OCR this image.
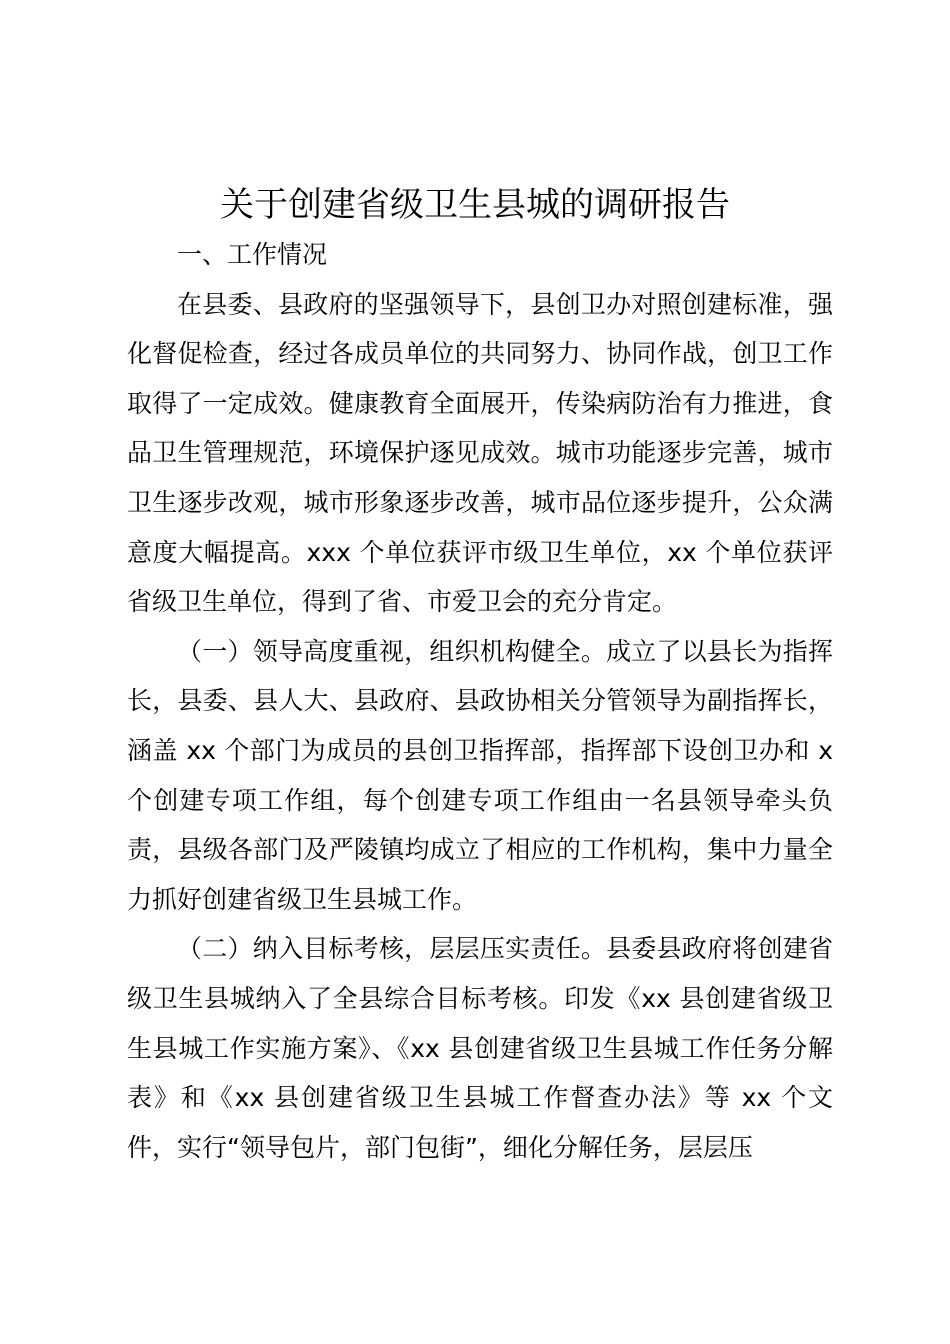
关于创建省级卫生县城的调研报告

一、工作情况

在县委、县政府的坚强领导下，县创卫办对照创建标准，强化督促检查，经过各成员单位的共同努力、协同作战，创卫工作取得了一定成效。健康教育全面展开，传染病防治有力推进，食品卫生管理规范，环境保护逐见成效。城市功能逐步完善，城市卫生逐步改观，城市形象逐步改善，城市品位逐步提升，公众满意度大幅提高。xxx 个单位获评市级卫生单位，xx 个单位获评省级卫生单位，得到了省、市爱卫会的充分肯定。

（一）领导高度重视，组织机构健全。成立了以县长为指挥长，县委、县人大、县政府、县政协相关分管领导为副指挥长，涵盖 xx 个部门为成员的县创卫指挥部，指挥部下设创卫办和 x 个创建专项工作组，每个创建专项工作组由一名县领导牵头负责，县级各部门及严陵镇均成立了相应的工作机构，集中力量全力抓好创建省级卫生县城工作。

（二）纳入目标考核，层层压实责任。县委县政府将创建省级卫生县城纳入了全县综合目标考核。印发《xx 县创建省级卫生县城工作实施方案》、《xx 县创建省级卫生县城工作任务分解表》和《xx 县创建省级卫生县城工作督查办法》等 xx 个文件，实行“领导包片，部门包街”，细化分解任务，层层压
